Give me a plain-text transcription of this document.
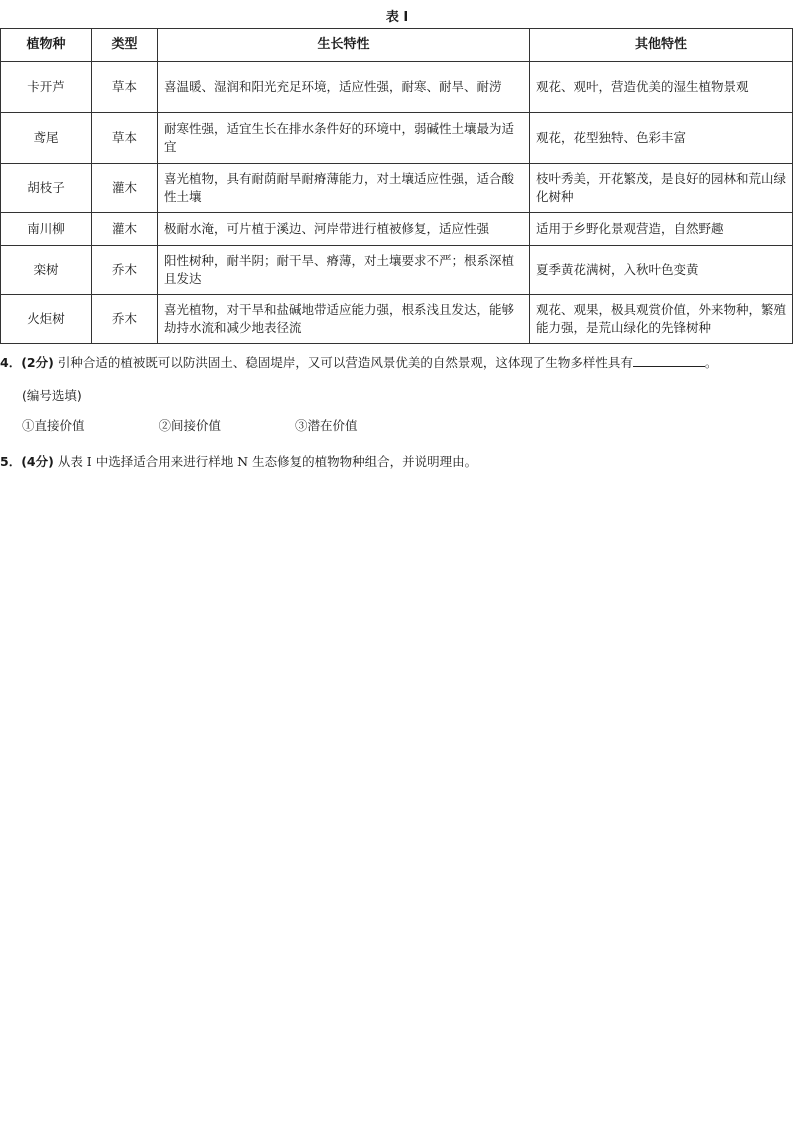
表 I
植物种	类型	生长特性	其他特性
卡开芦	草本	喜温暖、湿润和阳光充足环境，适应性强，耐寒、耐旱、耐涝	观花、观叶，营造优美的湿生植物景观
鸢尾	草本	耐寒性强，适宜生长在排水条件好的环境中，弱碱性土壤最为适宜	观花，花型独特、色彩丰富
胡枝子	灌木	喜光植物，具有耐荫耐旱耐瘠薄能力，对土壤适应性强，适合酸性土壤	枝叶秀美，开花繁茂，是良好的园林和荒山绿化树种
南川柳	灌木	极耐水淹，可片植于溪边、河岸带进行植被修复，适应性强	适用于乡野化景观营造，自然野趣
栾树	乔木	阳性树种，耐半阴；耐干旱、瘠薄，对土壤要求不严；根系深植且发达	夏季黄花满树，入秋叶色变黄
火炬树	乔木	喜光植物，对干旱和盐碱地带适应能力强，根系浅且发达，能够劫持水流和减少地表径流	观花、观果，极具观赏价值，外来物种，繁殖能力强，是荒山绿化的先锋树种
4．(2分) 引种合适的植被既可以防洪固土、稳固堤岸，又可以营造风景优美的自然景观，这体现了生物多样性具有	。
(编号选填)
①直接价值	②间接价值	③潜在价值
5．(4分) 从表 I 中选择适合用来进行样地 N 生态修复的植物物种组合，并说明理由。
